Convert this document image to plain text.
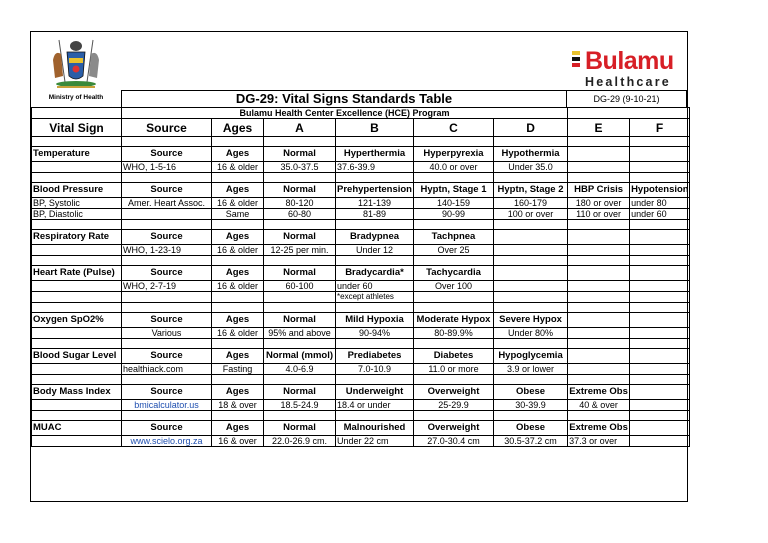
Ministry of Health
Bulamu
Healthcare
DG-29: Vital Signs Standards Table	DG-29 (9-10-21)
	Bulamu Health Center Excellence (HCE) Program							
Vital Sign	Source	Ages	A	B	C	D	E	F

Temperature	Source	Ages	Normal	Hyperthermia	Hyperpyrexia	Hypothermia		
	WHO, 1-5-16	16 & older	35.0-37.5	37.6-39.9	40.0 or over	Under 35.0		

Blood Pressure	Source	Ages	Normal	Prehypertension	Hyptn, Stage 1	Hyptn, Stage 2	HBP Crisis	Hypotension
BP, Systolic	Amer. Heart Assoc.	16 & older	80-120	121-139	140-159	160-179	180 or over	under 80
BP, Diastolic		Same	60-80	81-89	90-99	100 or over	110 or over	under 60

Respiratory Rate	Source	Ages	Normal	Bradypnea	Tachpnea			
	WHO, 1-23-19	16 & older	12-25 per min.	Under 12	Over 25			

Heart Rate (Pulse)	Source	Ages	Normal	Bradycardia*	Tachycardia			
	WHO, 2-7-19	16 & older	60-100	under 60	Over 100			
				*except athletes				

Oxygen SpO2%	Source	Ages	Normal	Mild Hypoxia	Moderate Hypox	Severe Hypox		
	Various	16 & older	95% and above	90-94%	80-89.9%	Under 80%		

Blood Sugar Level	Source	Ages	Normal (mmol)	Prediabetes	Diabetes	Hypoglycemia		
	healthiack.com	Fasting	4.0-6.9	7.0-10.9	11.0 or more	3.9 or lower		

Body Mass Index	Source	Ages	Normal	Underweight	Overweight	Obese	Extreme Obs	
	bmicalculator.us	18 & over	18.5-24.9	18.4 or under	25-29.9	30-39.9	40 & over	

MUAC	Source	Ages	Normal	Malnourished	Overweight	Obese	Extreme Obs	
	www.scielo.org.za	16 & over	22.0-26.9 cm.	Under 22 cm	27.0-30.4 cm	30.5-37.2 cm	37.3 or over	
